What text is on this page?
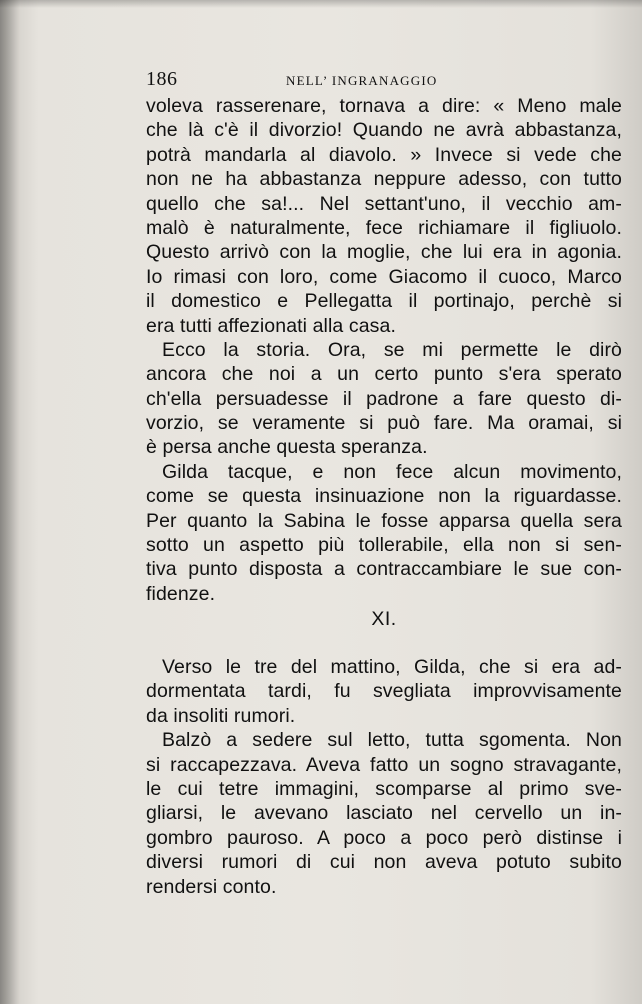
186	NELL’ INGRANAGGIO
voleva rasserenare, tornava a dire: « Meno male
che là c'è il divorzio! Quando ne avrà abbastanza,
potrà mandarla al diavolo. » Invece si vede che
non ne ha abbastanza neppure adesso, con tutto
quello che sa!... Nel settant'uno, il vecchio am-
malò è naturalmente, fece richiamare il figliuolo.
Questo arrivò con la moglie, che lui era in agonia.
Io rimasi con loro, come Giacomo il cuoco, Marco
il domestico e Pellegatta il portinajo, perchè si
era tutti affezionati alla casa.
Ecco la storia. Ora, se mi permette le dirò
ancora che noi a un certo punto s'era sperato
ch'ella persuadesse il padrone a fare questo di-
vorzio, se veramente si può fare. Ma oramai, si
è persa anche questa speranza.
Gilda tacque, e non fece alcun movimento,
come se questa insinuazione non la riguardasse.
Per quanto la Sabina le fosse apparsa quella sera
sotto un aspetto più tollerabile, ella non si sen-
tiva punto disposta a contraccambiare le sue con-
fidenze.
XI.
Verso le tre del mattino, Gilda, che si era ad-
dormentata tardi, fu svegliata improvvisamente
da insoliti rumori.
Balzò a sedere sul letto, tutta sgomenta. Non
si raccapezzava. Aveva fatto un sogno stravagante,
le cui tetre immagini, scomparse al primo sve-
gliarsi, le avevano lasciato nel cervello un in-
gombro pauroso. A poco a poco però distinse i
diversi rumori di cui non aveva potuto subito
rendersi conto.
